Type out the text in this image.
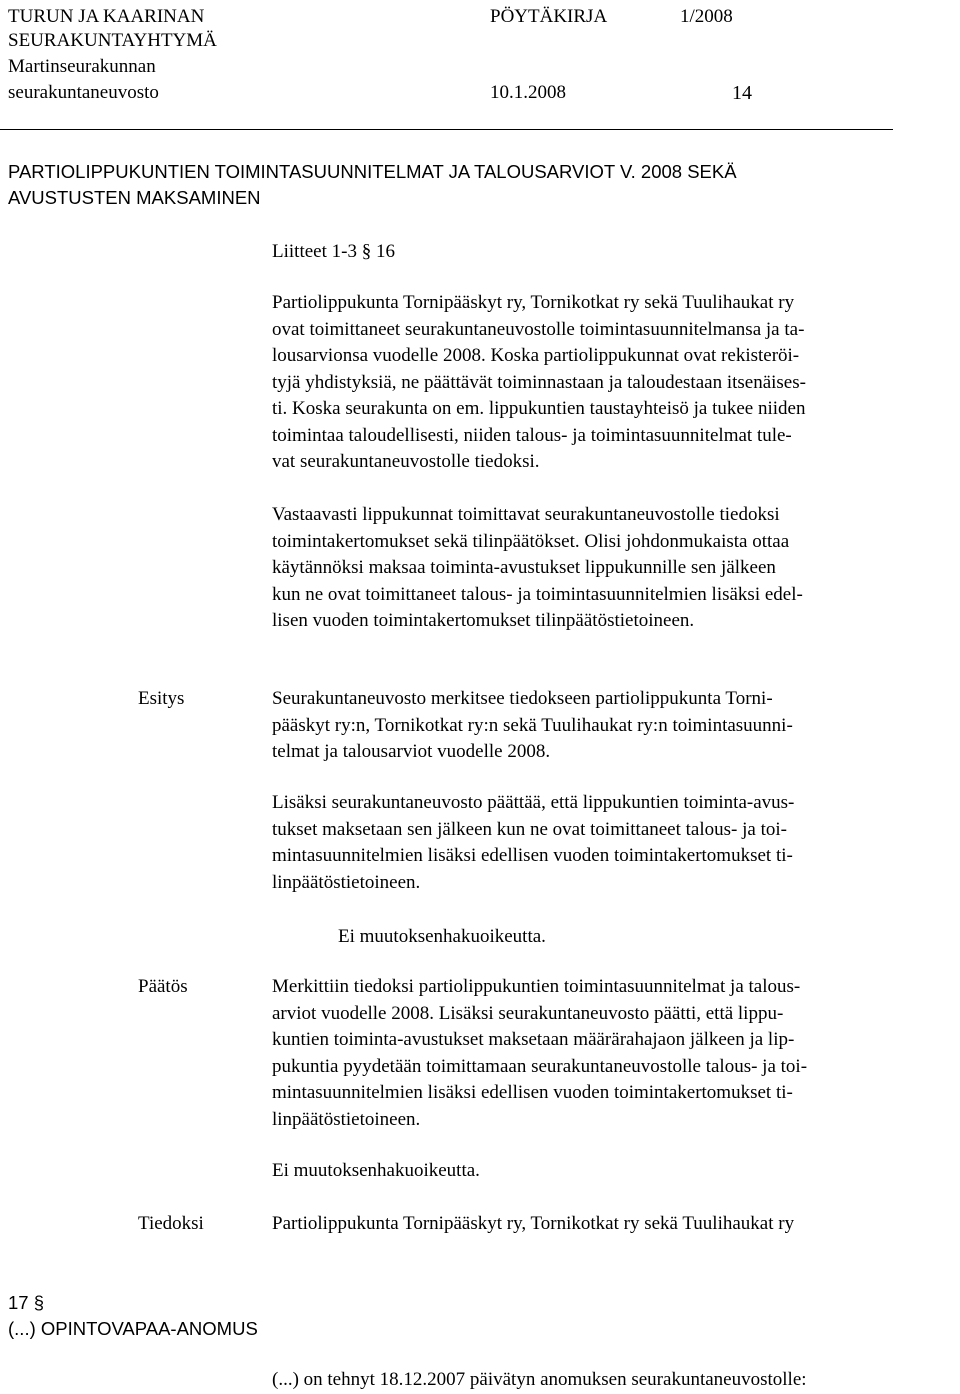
TURUN JA KAARINAN
SEURAKUNTAYHTYMÄ
Martinseurakunnan
seurakuntaneuvosto
PÖYTÄKIRJA	1/2008
10.1.2008	14
PARTIOLIPPUKUNTIEN TOIMINTASUUNNITELMAT JA TALOUSARVIOT V. 2008 SEKÄ
AVUSTUSTEN MAKSAMINEN
Liitteet 1-3 § 16
Partiolippukunta Tornipääskyt ry, Tornikotkat ry sekä Tuulihaukat ry
ovat toimittaneet seurakuntaneuvostolle toimintasuunnitelmansa ja ta-
lousarvionsa vuodelle 2008. Koska partiolippukunnat ovat rekisteröi-
tyjä yhdistyksiä, ne päättävät toiminnastaan ja taloudestaan itsenäises-
ti. Koska seurakunta on em. lippukuntien taustayhteisö ja tukee niiden
toimintaa taloudellisesti, niiden talous- ja toimintasuunnitelmat tule-
vat seurakuntaneuvostolle tiedoksi.
Vastaavasti lippukunnat toimittavat seurakuntaneuvostolle tiedoksi
toimintakertomukset sekä tilinpäätökset. Olisi johdonmukaista ottaa
käytännöksi maksaa toiminta-avustukset lippukunnille sen jälkeen
kun ne ovat toimittaneet talous- ja toimintasuunnitelmien lisäksi edel-
lisen vuoden toimintakertomukset tilinpäätöstietoineen.
Esitys	Seurakuntaneuvosto merkitsee tiedokseen partiolippukunta Torni-
pääskyt ry:n, Tornikotkat ry:n sekä Tuulihaukat ry:n toimintasuunni-
telmat ja talousarviot vuodelle 2008.
Lisäksi seurakuntaneuvosto päättää, että lippukuntien toiminta-avus-
tukset maksetaan sen jälkeen kun ne ovat toimittaneet talous- ja toi-
mintasuunnitelmien lisäksi edellisen vuoden toimintakertomukset ti-
linpäätöstietoineen.
Ei muutoksenhakuoikeutta.
Päätös	Merkittiin tiedoksi partiolippukuntien toimintasuunnitelmat ja talous-
arviot vuodelle 2008. Lisäksi seurakuntaneuvosto päätti, että lippu-
kuntien toiminta-avustukset maksetaan määrärahajaon jälkeen ja lip-
pukuntia pyydetään toimittamaan seurakuntaneuvostolle talous- ja toi-
mintasuunnitelmien lisäksi edellisen vuoden toimintakertomukset ti-
linpäätöstietoineen.
Ei muutoksenhakuoikeutta.
Tiedoksi	Partiolippukunta Tornipääskyt ry, Tornikotkat ry sekä Tuulihaukat ry
17 §
(...) OPINTOVAPAA-ANOMUS
(...) on tehnyt 18.12.2007 päivätyn anomuksen seurakuntaneuvostolle:
